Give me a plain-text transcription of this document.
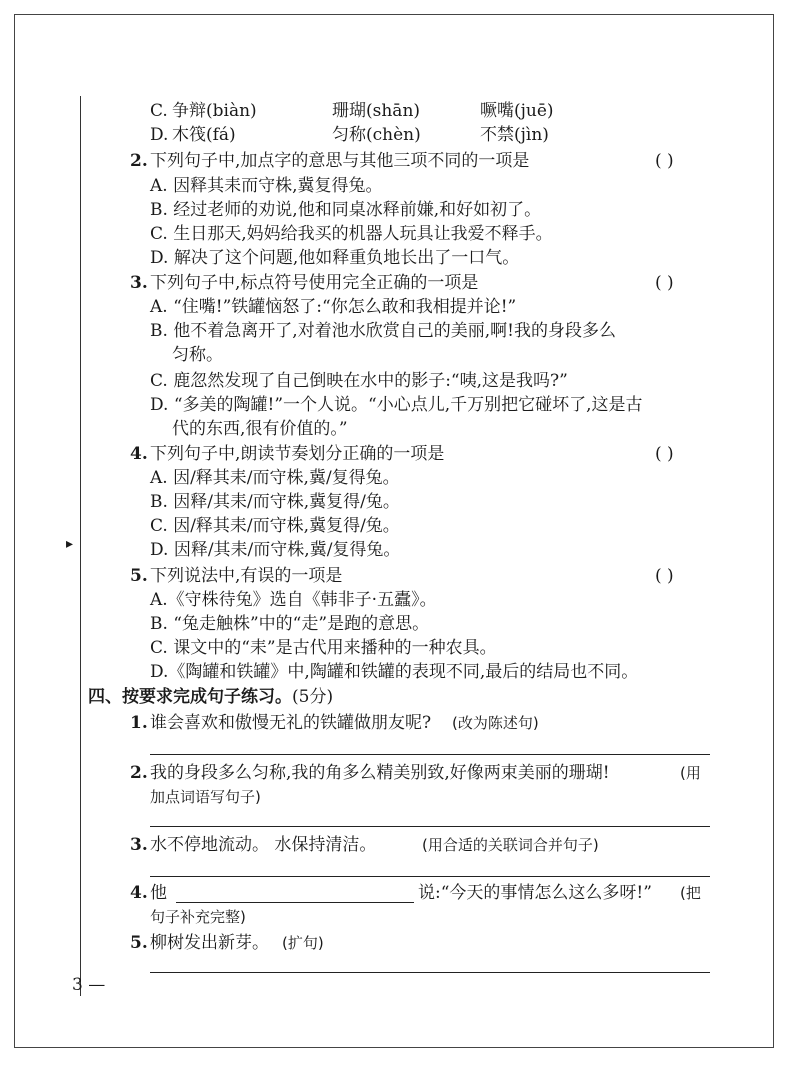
▸
C. 争辩(biàn)	珊瑚(shān)	噘嘴(juē)
D. 木筏(fá)	匀称(chèn)	不禁(jìn)
2. 下列句子中,加点字的意思与其他三项不同的一项是	( )
A. 因释其耒而守株,冀复得兔。
B. 经过老师的劝说,他和同桌冰释前嫌,和好如初了。
C. 生日那天,妈妈给我买的机器人玩具让我爱不释手。
D. 解决了这个问题,他如释重负地长出了一口气。
3. 下列句子中,标点符号使用完全正确的一项是	( )
A. “住嘴!”铁罐恼怒了:“你怎么敢和我相提并论!”
B. 他不着急离开了,对着池水欣赏自己的美丽,啊!我的身段多么
匀称。
C. 鹿忽然发现了自己倒映在水中的影子:“咦,这是我吗?”
D. “多美的陶罐!”一个人说。“小心点儿,千万别把它碰坏了,这是古
代的东西,很有价值的。”
4. 下列句子中,朗读节奏划分正确的一项是	( )
A. 因/释其耒/而守株,冀/复得兔。
B. 因释/其耒/而守株,冀复得/兔。
C. 因/释其耒/而守株,冀复得/兔。
D. 因释/其耒/而守株,冀/复得兔。
5. 下列说法中,有误的一项是	( )
A.《守株待兔》选自《韩非子·五蠹》。
B. “兔走触株”中的“走”是跑的意思。
C. 课文中的“耒”是古代用来播种的一种农具。
D.《陶罐和铁罐》中,陶罐和铁罐的表现不同,最后的结局也不同。
四、按要求完成句子练习。 (5分)
1. 谁会喜欢和傲慢无礼的铁罐做朋友呢? (改为陈述句)
2. 我的身段多么匀称,我的角多么精美别致,好像两束美丽的珊瑚!	(用
加点词语写句子)
3. 水不停地流动。 水保持清洁。	(用合适的关联词合并句子)
4. 他	说:“今天的事情怎么这么多呀!” (把
句子补充完整)
5. 柳树发出新芽。 (扩句)
3 —
